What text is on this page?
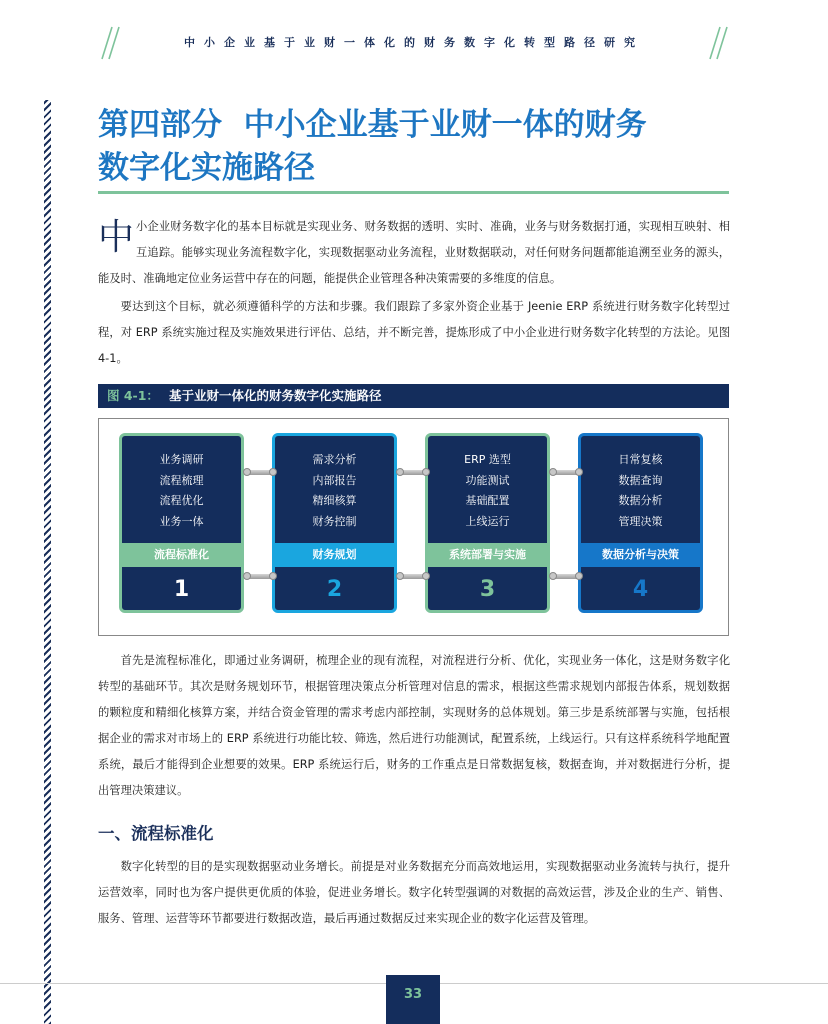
中小企业基于业财一体化的财务数字化转型路径研究
第四部分  中小企业基于业财一体的财务
数字化实施路径

中小企业财务数字化的基本目标就是实现业务、财务数据的透明、实时、准确，业务与财务数据打通，实现相互映射、相互追踪。能够实现业务流程数字化，实现数据驱动业务流程，业财数据联动，对任何财务问题都能追溯至业务的源头，能及时、准确地定位业务运营中存在的问题，能提供企业管理各种决策需要的多维度的信息。

要达到这个目标，就必须遵循科学的方法和步骤。我们跟踪了多家外资企业基于 Jeenie ERP 系统进行财务数字化转型过程，对 ERP 系统实施过程及实施效果进行评估、总结，并不断完善，提炼形成了中小企业进行财务数字化转型的方法论。见图 4-1。

图 4-1： 基于业财一体化的财务数字化实施路径
业务调研
流程梳理
流程优化
业务一体
流程标准化
1
需求分析
内部报告
精细核算
财务控制
财务规划
2
ERP 选型
功能测试
基础配置
上线运行
系统部署与实施
3
日常复核
数据查询
数据分析
管理决策
数据分析与决策
4

首先是流程标准化，即通过业务调研，梳理企业的现有流程，对流程进行分析、优化，实现业务一体化，这是财务数字化转型的基础环节。其次是财务规划环节，根据管理决策点分析管理对信息的需求，根据这些需求规划内部报告体系，规划数据的颗粒度和精细化核算方案，并结合资金管理的需求考虑内部控制，实现财务的总体规划。第三步是系统部署与实施，包括根据企业的需求对市场上的 ERP 系统进行功能比较、筛选，然后进行功能测试，配置系统，上线运行。只有这样系统科学地配置系统，最后才能得到企业想要的效果。ERP 系统运行后，财务的工作重点是日常数据复核，数据查询，并对数据进行分析，提出管理决策建议。

一、流程标准化

数字化转型的目的是实现数据驱动业务增长。前提是对业务数据充分而高效地运用，实现数据驱动业务流转与执行，提升运营效率，同时也为客户提供更优质的体验，促进业务增长。数字化转型强调的对数据的高效运营，涉及企业的生产、销售、服务、管理、运营等环节都要进行数据改造，最后再通过数据反过来实现企业的数字化运营及管理。

33
